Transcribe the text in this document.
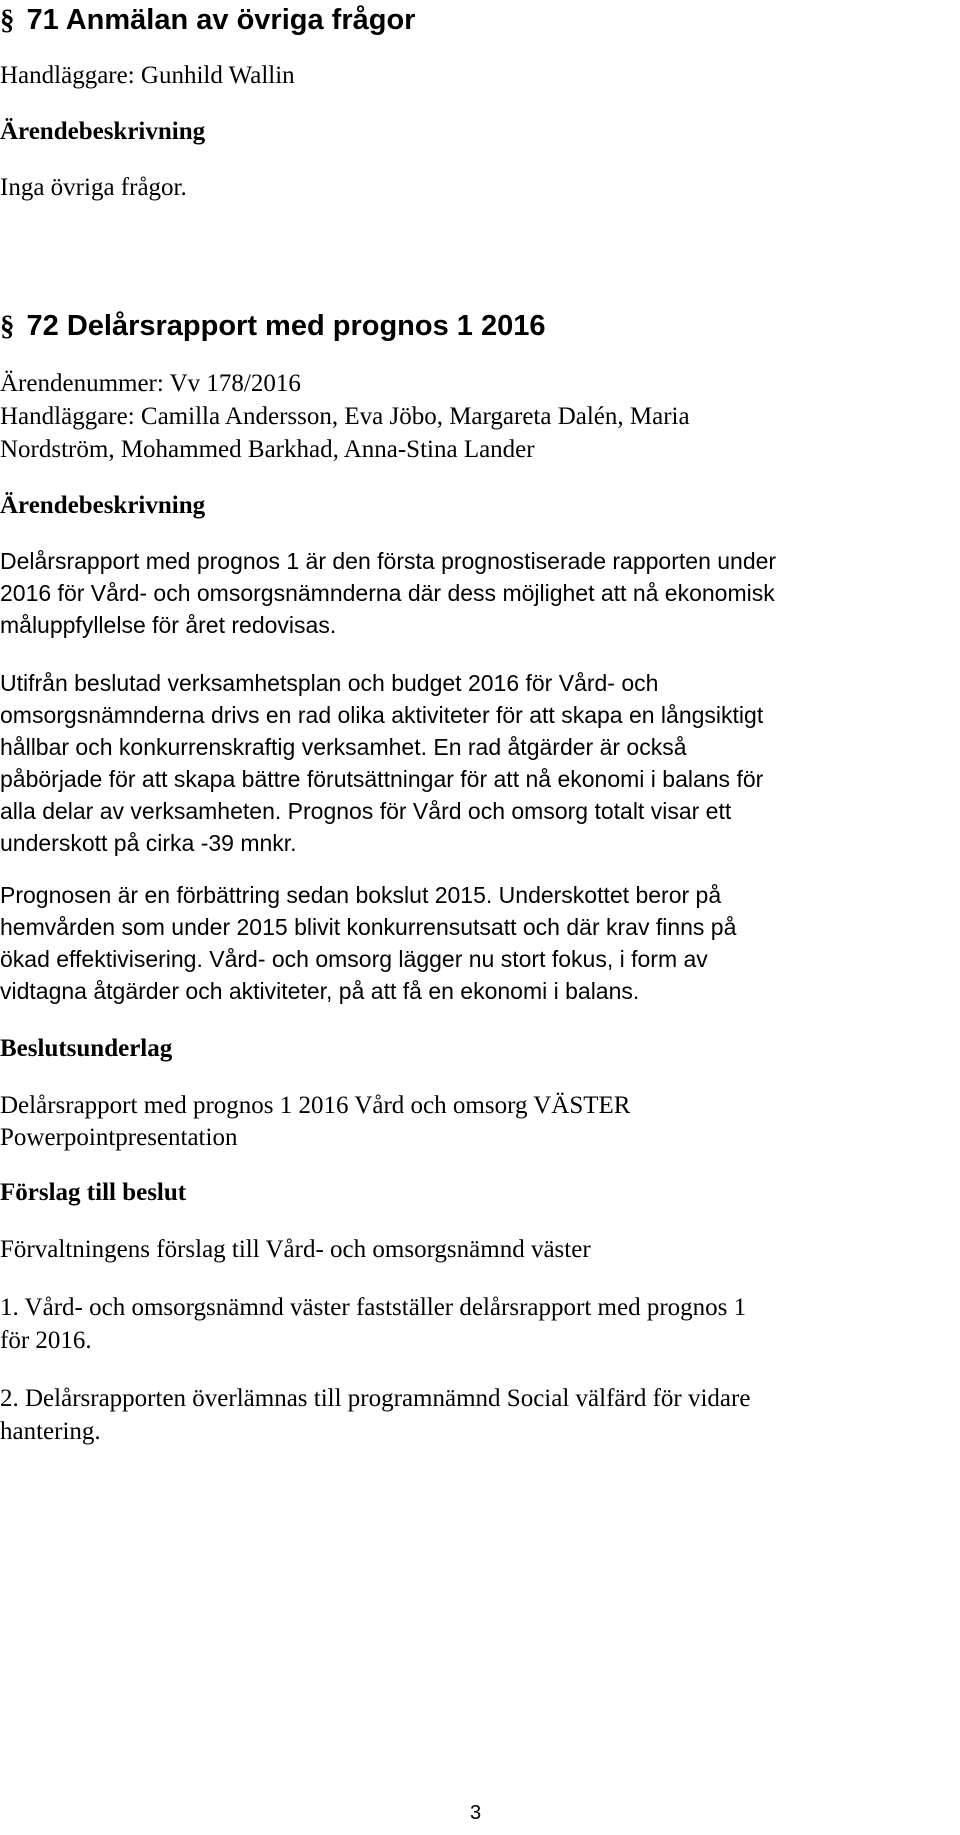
§ 71 Anmälan av övriga frågor
Handläggare: Gunhild Wallin
Ärendebeskrivning
Inga övriga frågor.
§ 72 Delårsrapport med prognos 1 2016
Ärendenummer: Vv 178/2016
Handläggare: Camilla Andersson, Eva Jöbo, Margareta Dalén, Maria
Nordström, Mohammed Barkhad, Anna-Stina Lander
Ärendebeskrivning
Delårsrapport med prognos 1 är den första prognostiserade rapporten under
2016 för Vård- och omsorgsnämnderna där dess möjlighet att nå ekonomisk
måluppfyllelse för året redovisas.
Utifrån beslutad verksamhetsplan och budget 2016 för Vård- och
omsorgsnämnderna drivs en rad olika aktiviteter för att skapa en långsiktigt
hållbar och konkurrenskraftig verksamhet. En rad åtgärder är också
påbörjade för att skapa bättre förutsättningar för att nå ekonomi i balans för
alla delar av verksamheten. Prognos för Vård och omsorg totalt visar ett
underskott på cirka -39 mnkr.
Prognosen är en förbättring sedan bokslut 2015. Underskottet beror på
hemvården som under 2015 blivit konkurrensutsatt och där krav finns på
ökad effektivisering. Vård- och omsorg lägger nu stort fokus, i form av
vidtagna åtgärder och aktiviteter, på att få en ekonomi i balans.
Beslutsunderlag
Delårsrapport med prognos 1 2016 Vård och omsorg VÄSTER
Powerpointpresentation
Förslag till beslut
Förvaltningens förslag till Vård- och omsorgsnämnd väster
1. Vård- och omsorgsnämnd väster fastställer delårsrapport med prognos 1
för 2016.
2. Delårsrapporten överlämnas till programnämnd Social välfärd för vidare
hantering.
3
